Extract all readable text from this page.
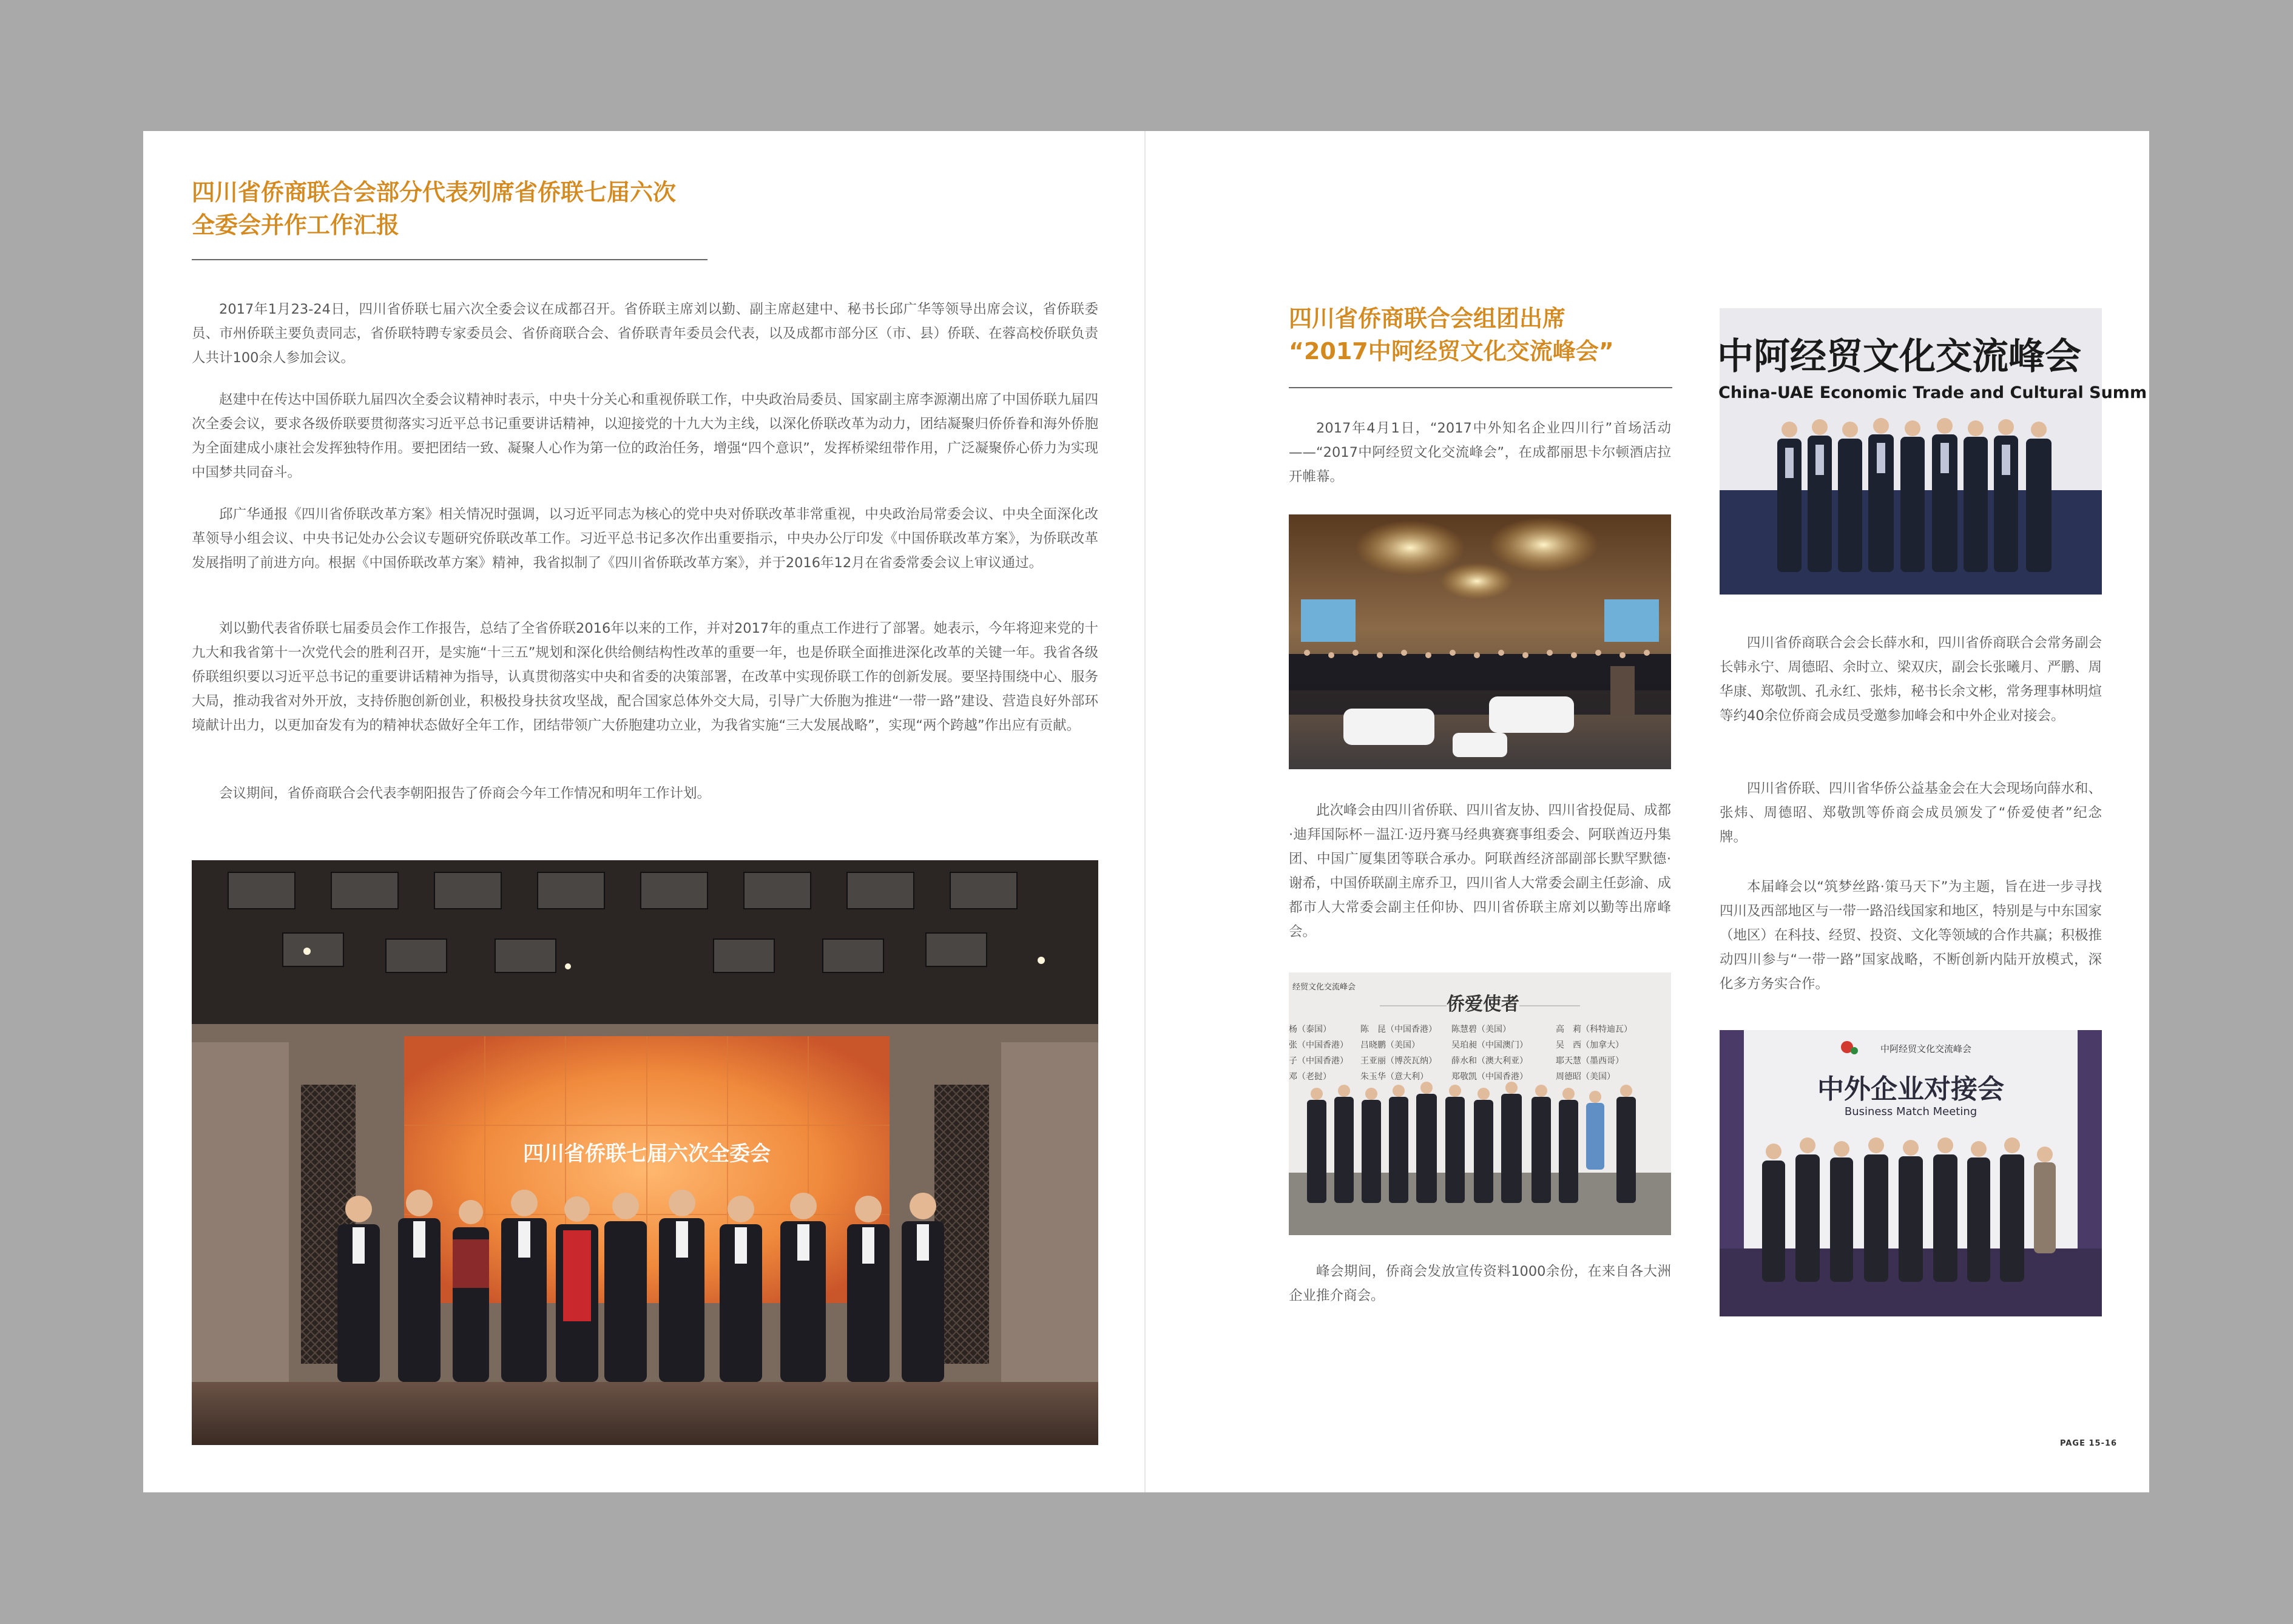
四川省侨商联合会部分代表列席省侨联七届六次
全委会并作工作汇报

2017年1月23-24日，四川省侨联七届六次全委会议在成都召开。省侨联主席刘以勤、副主席赵建中、秘书长邱广华等领导出席会议，省侨联委员、市州侨联主要负责同志，省侨联特聘专家委员会、省侨商联合会、省侨联青年委员会代表，以及成都市部分区（市、县）侨联、在蓉高校侨联负责人共计100余人参加会议。

赵建中在传达中国侨联九届四次全委会议精神时表示，中央十分关心和重视侨联工作，中央政治局委员、国家副主席李源潮出席了中国侨联九届四次全委会议，要求各级侨联要贯彻落实习近平总书记重要讲话精神，以迎接党的十九大为主线，以深化侨联改革为动力，团结凝聚归侨侨眷和海外侨胞为全面建成小康社会发挥独特作用。要把团结一致、凝聚人心作为第一位的政治任务，增强“四个意识”，发挥桥梁纽带作用，广泛凝聚侨心侨力为实现中国梦共同奋斗。

邱广华通报《四川省侨联改革方案》相关情况时强调，以习近平同志为核心的党中央对侨联改革非常重视，中央政治局常委会议、中央全面深化改革领导小组会议、中央书记处办公会议专题研究侨联改革工作。习近平总书记多次作出重要指示，中央办公厅印发《中国侨联改革方案》，为侨联改革发展指明了前进方向。根据《中国侨联改革方案》精神，我省拟制了《四川省侨联改革方案》，并于2016年12月在省委常委会议上审议通过。

刘以勤代表省侨联七届委员会作工作报告，总结了全省侨联2016年以来的工作，并对2017年的重点工作进行了部署。她表示，今年将迎来党的十九大和我省第十一次党代会的胜利召开，是实施“十三五”规划和深化供给侧结构性改革的重要一年，也是侨联全面推进深化改革的关键一年。我省各级侨联组织要以习近平总书记的重要讲话精神为指导，认真贯彻落实中央和省委的决策部署，在改革中实现侨联工作的创新发展。要坚持围绕中心、服务大局，推动我省对外开放，支持侨胞创新创业，积极投身扶贫攻坚战，配合国家总体外交大局，引导广大侨胞为推进“一带一路”建设、营造良好外部环境献计出力，以更加奋发有为的精神状态做好全年工作，团结带领广大侨胞建功立业，为我省实施“三大发展战略”，实现“两个跨越”作出应有贡献。

会议期间，省侨商联合会代表李朝阳报告了侨商会今年工作情况和明年工作计划。

四川省侨联七届六次全委会
四川省侨商联合会组团出席
“2017中阿经贸文化交流峰会”

2017年4月1日，“2017中外知名企业四川行”首场活动——“2017中阿经贸文化交流峰会”，在成都丽思卡尔顿酒店拉开帷幕。

此次峰会由四川省侨联、四川省友协、四川省投促局、成都·迪拜国际杯－温江·迈丹赛马经典赛赛事组委会、阿联酋迈丹集团、中国广厦集团等联合承办。阿联酋经济部副部长默罕默德·谢希，中国侨联副主席乔卫，四川省人大常委会副主任彭渝、成都市人大常委会副主任仰协、四川省侨联主席刘以勤等出席峰会。

经贸文化交流峰会
侨爱使者
杨（泰国）
张（中国香港）
子（中国香港）
邓（老挝）
陈　昆（中国香港）
吕晓鹏（美国）
王亚丽（博茨瓦纳）
朱玉华（意大利）
陈慧碧（美国）
吴珀昶（中国澳门）
薛水和（澳大利亚）
郑敬凯（中国香港）
高　莉（科特迪瓦）
吴　西（加拿大）
耶天慧（墨西哥）
周德昭（美国）

峰会期间，侨商会发放宣传资料1000余份，在来自各大洲企业推介商会。

中阿经贸文化交流峰会
China-UAE Economic Trade and Cultural Summ

四川省侨商联合会会长薛水和，四川省侨商联合会常务副会长韩永宁、周德昭、余时立、梁双庆，副会长张曦月、严鹏、周华康、郑敬凯、孔永红、张炜，秘书长余文彬，常务理事林明煊等约40余位侨商会成员受邀参加峰会和中外企业对接会。

四川省侨联、四川省华侨公益基金会在大会现场向薛水和、张炜、周德昭、郑敬凯等侨商会成员颁发了“侨爱使者”纪念牌。

本届峰会以“筑梦丝路·策马天下”为主题，旨在进一步寻找四川及西部地区与一带一路沿线国家和地区，特别是与中东国家（地区）在科技、经贸、投资、文化等领域的合作共赢；积极推动四川参与“一带一路”国家战略，不断创新内陆开放模式，深化多方务实合作。

中阿经贸文化交流峰会
中外企业对接会
Business Match Meeting
PAGE 15-16
